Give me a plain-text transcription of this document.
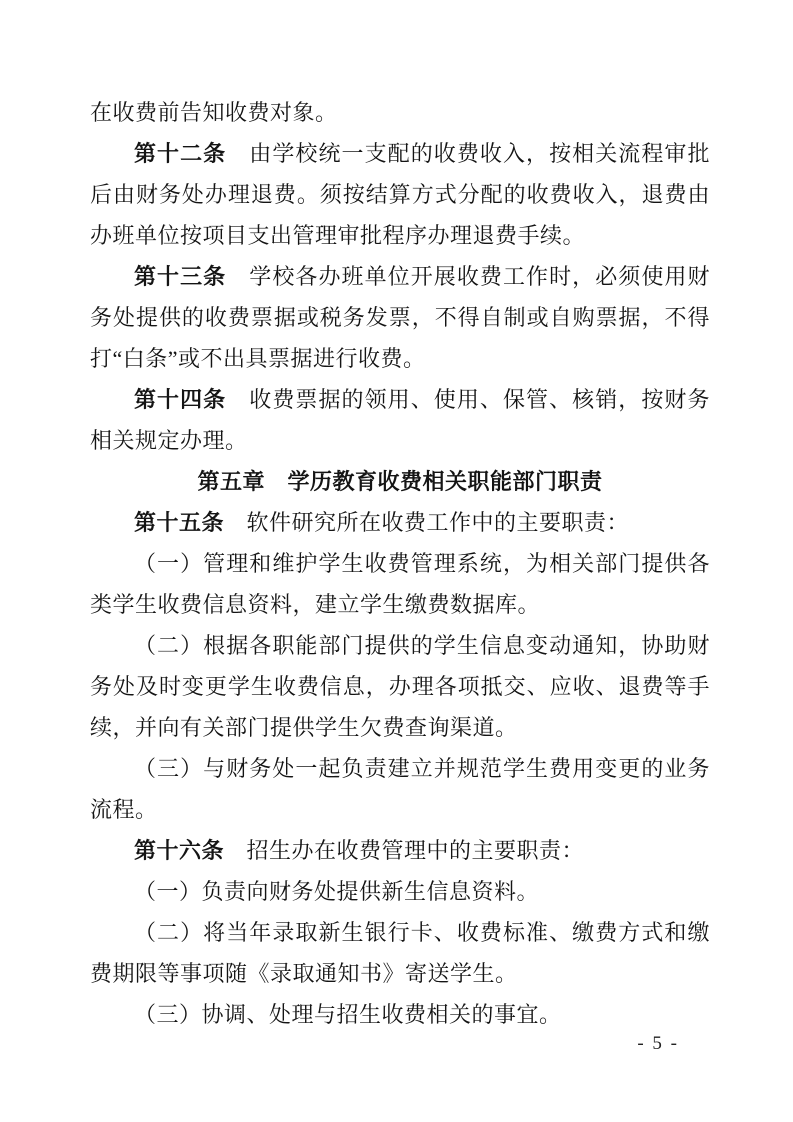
在收费前告知收费对象。

第十二条　由学校统一支配的收费收入，按相关流程审批后由财务处办理退费。须按结算方式分配的收费收入，退费由办班单位按项目支出管理审批程序办理退费手续。

第十三条　学校各办班单位开展收费工作时，必须使用财务处提供的收费票据或税务发票，不得自制或自购票据，不得打“白条”或不出具票据进行收费。

第十四条　收费票据的领用、使用、保管、核销，按财务相关规定办理。

第五章　学历教育收费相关职能部门职责

第十五条　软件研究所在收费工作中的主要职责：

（一）管理和维护学生收费管理系统，为相关部门提供各类学生收费信息资料，建立学生缴费数据库。

（二）根据各职能部门提供的学生信息变动通知，协助财务处及时变更学生收费信息，办理各项抵交、应收、退费等手续，并向有关部门提供学生欠费查询渠道。

（三）与财务处一起负责建立并规范学生费用变更的业务流程。

第十六条　招生办在收费管理中的主要职责：

（一）负责向财务处提供新生信息资料。

（二）将当年录取新生银行卡、收费标准、缴费方式和缴费期限等事项随《录取通知书》寄送学生。

（三）协调、处理与招生收费相关的事宜。

- 5 -
